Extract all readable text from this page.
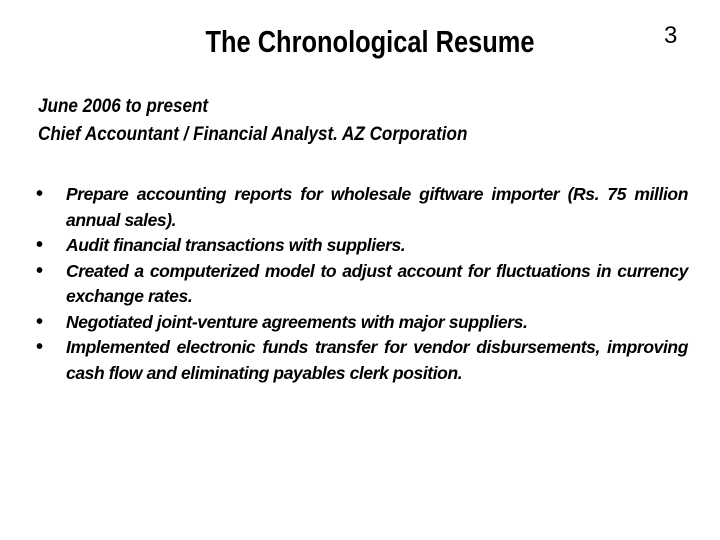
The Chronological Resume	3
June 2006 to present
Chief Accountant / Financial Analyst. AZ Corporation
•	Prepare accounting reports for wholesale giftware importer (Rs. 75 million annual sales).
•	Audit financial transactions with suppliers.
•	Created a computerized model to adjust account for fluctuations in currency exchange rates.
•	Negotiated joint-venture agreements with major suppliers.
•	Implemented electronic funds transfer for vendor disbursements, improving cash flow and eliminating payables clerk position.
